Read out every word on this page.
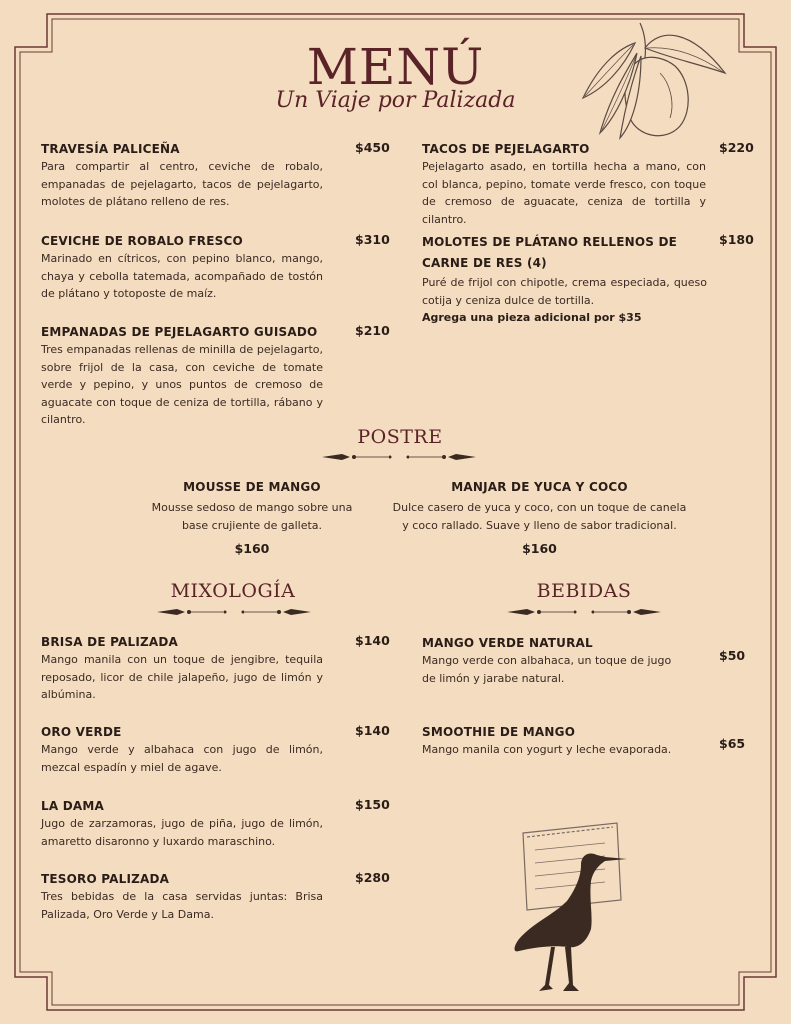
MENÚ
Un Viaje por Palizada
TRAVESÍA PALICEÑA
Para compartir al centro, ceviche de robalo, empanadas de pejelagarto, tacos de pejelagarto, molotes de plátano relleno de res.
$450
CEVICHE DE ROBALO FRESCO
Marinado en cítricos, con pepino blanco, mango, chaya y cebolla tatemada, acompañado de tostón de plátano y totoposte de maíz.
$310
EMPANADAS DE PEJELAGARTO GUISADO
Tres empanadas rellenas de minilla de pejelagarto, sobre frijol de la casa, con ceviche de tomate verde y pepino, y unos puntos de cremoso de aguacate con toque de ceniza de tortilla, rábano y cilantro.
$210
TACOS DE PEJELAGARTO
Pejelagarto asado, en tortilla hecha a mano, con col blanca, pepino, tomate verde fresco, con toque de cremoso de aguacate, ceniza de tortilla y cilantro.
$220
MOLOTES DE PLÁTANO RELLENOS DE CARNE DE RES (4)
Puré de frijol con chipotle, crema especiada, queso cotija y ceniza dulce de tortilla.
Agrega una pieza adicional por $35
$180
POSTRE
MOUSSE DE MANGO
Mousse sedoso de mango sobre una base crujiente de galleta.
$160
MANJAR DE YUCA Y COCO
Dulce casero de yuca y coco, con un toque de canela y coco rallado. Suave y lleno de sabor tradicional.
$160
MIXOLOGÍA	BEBIDAS
BRISA DE PALIZADA
Mango manila con un toque de jengibre, tequila reposado, licor de chile jalapeño, jugo de limón y albúmina.
$140
ORO VERDE
Mango verde y albahaca con jugo de limón, mezcal espadín y miel de agave.
$140
LA DAMA
Jugo de zarzamoras, jugo de piña, jugo de limón, amaretto disaronno y luxardo maraschino.
$150
TESORO PALIZADA
Tres bebidas de la casa servidas juntas: Brisa Palizada, Oro Verde y La Dama.
$280
MANGO VERDE NATURAL
Mango verde con albahaca, un toque de jugo de limón y jarabe natural.
$50
SMOOTHIE DE MANGO
Mango manila con yogurt y leche evaporada.	$65
